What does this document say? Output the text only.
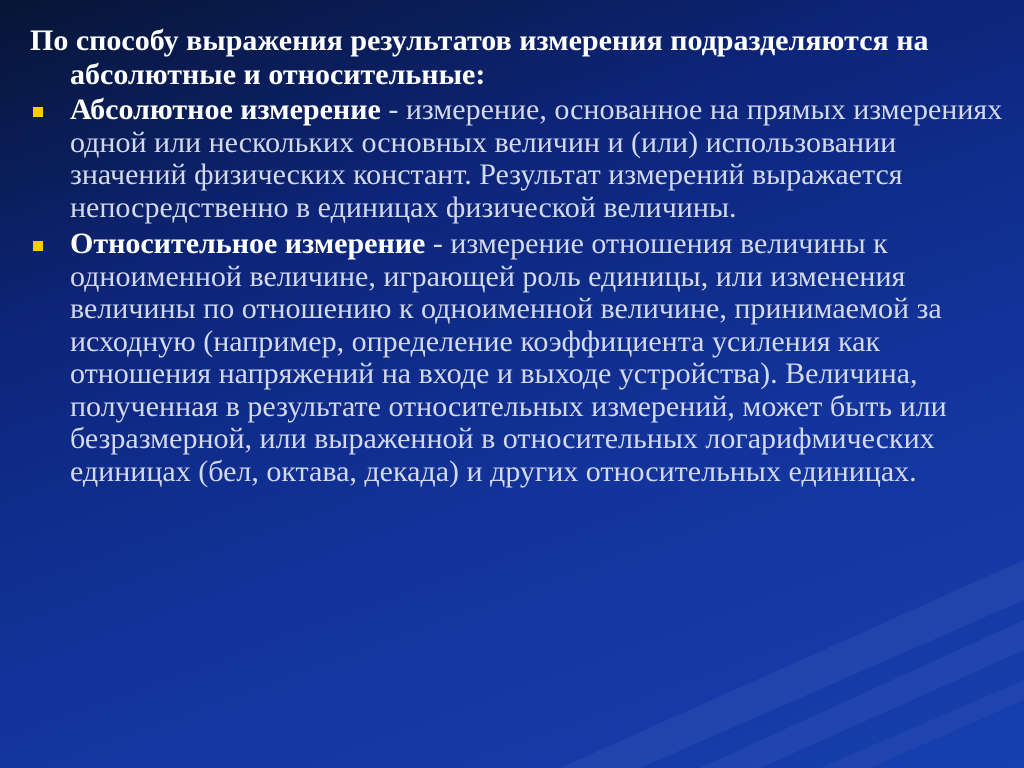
По способу выражения результатов измерения подразделяются на абсолютные и относительные:

Абсолютное измерение - измерение, основанное на прямых измерениях одной или нескольких основных величин и (или) использовании значений физических констант. Результат измерений выражается непосредственно в единицах физической величины.
Относительное измерение - измерение отношения величины к одноименной величине, играющей роль единицы, или изменения величины по отношению к одноименной величине, принимаемой за исходную (например, определение коэффициента усиления как отношения напряжений на входе и выходе устройства). Величина, полученная в результате относительных измерений, может быть или безразмерной, или выраженной в относительных логарифмических единицах (бел, октава, декада) и других относительных единицах.
